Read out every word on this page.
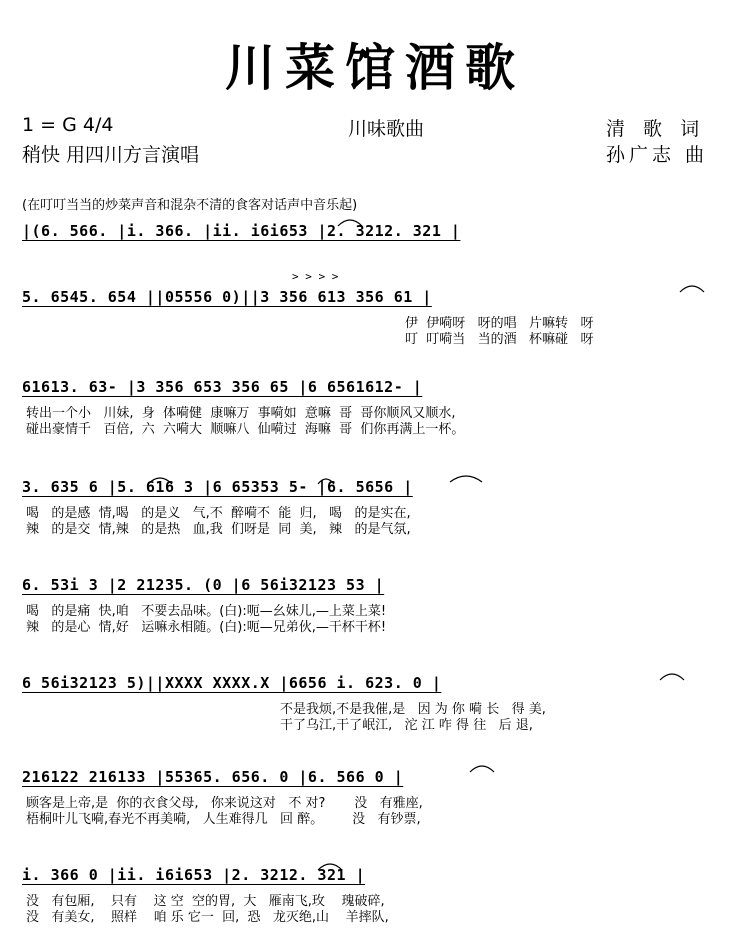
川菜馆酒歌
1 = G 4/4
稍快 用四川方言演唱
川味歌曲	清 歌 词
孙广志 曲
(在叮叮当当的炒菜声音和混杂不清的食客对话声中音乐起)
|(6. 566. |i. 366. |ii. i6i653 |2. 3212. 321 |
> > > >
5. 6545. 654 ||05556 0)||3 356 613 356 61 |
伊  伊嗬呀   呀的唱   片嘛转   呀
叮  叮嗬当   当的酒   杯嘛碰   呀
61613. 63- |3 356 653 356 65 |6 6561612- |
转出一个小   川妹,  身  体嗬健  康嘛万  事嗬如  意嘛  哥  哥你顺风又顺水,
碰出豪情千   百倍,  六  六嗬大  顺嘛八  仙嗬过  海嘛  哥  们你再满上一杯。
3. 635 6 |5. 616 3 |6 65353 5- |6. 5656 |
喝   的是感  情,喝   的是义   气,不  醉嗬不  能  归,   喝   的是实在,
辣   的是交  情,辣   的是热   血,我  们呀是  同  美,   辣   的是气氛,
6. 53i 3 |2 21235. (0 |6 56i32123 53 |
喝   的是痛  快,咱   不要去品味。(白):呃—幺妹儿,—上菜上菜!
辣   的是心  情,好   运嘛永相随。(白):呃—兄弟伙,—干杯干杯!
6 56i32123 5)||XXXX XXXX.X |6656 i. 623. 0 |
不是我烦,不是我催,是   因 为 你 嗬 长   得 美,
干了乌江,干了岷江,   沱 江 咋 得 往   后 退,
216122 216133 |55365. 656. 0 |6. 566 0 |
顾客是上帝,是  你的衣食父母,   你来说这对   不 对?       没   有雅座,
梧桐叶儿飞嗬,春光不再美嗬,   人生难得几   回 醉。       没   有钞票,
i. 366 0 |ii. i6i653 |2. 3212. 321 |
没   有包厢,    只有    这 空  空的胃,  大   雁南飞,玫    瑰破碎,
没   有美女,    照样    咱 乐 它一  回,  恐   龙灭绝,山    羊摔队,
